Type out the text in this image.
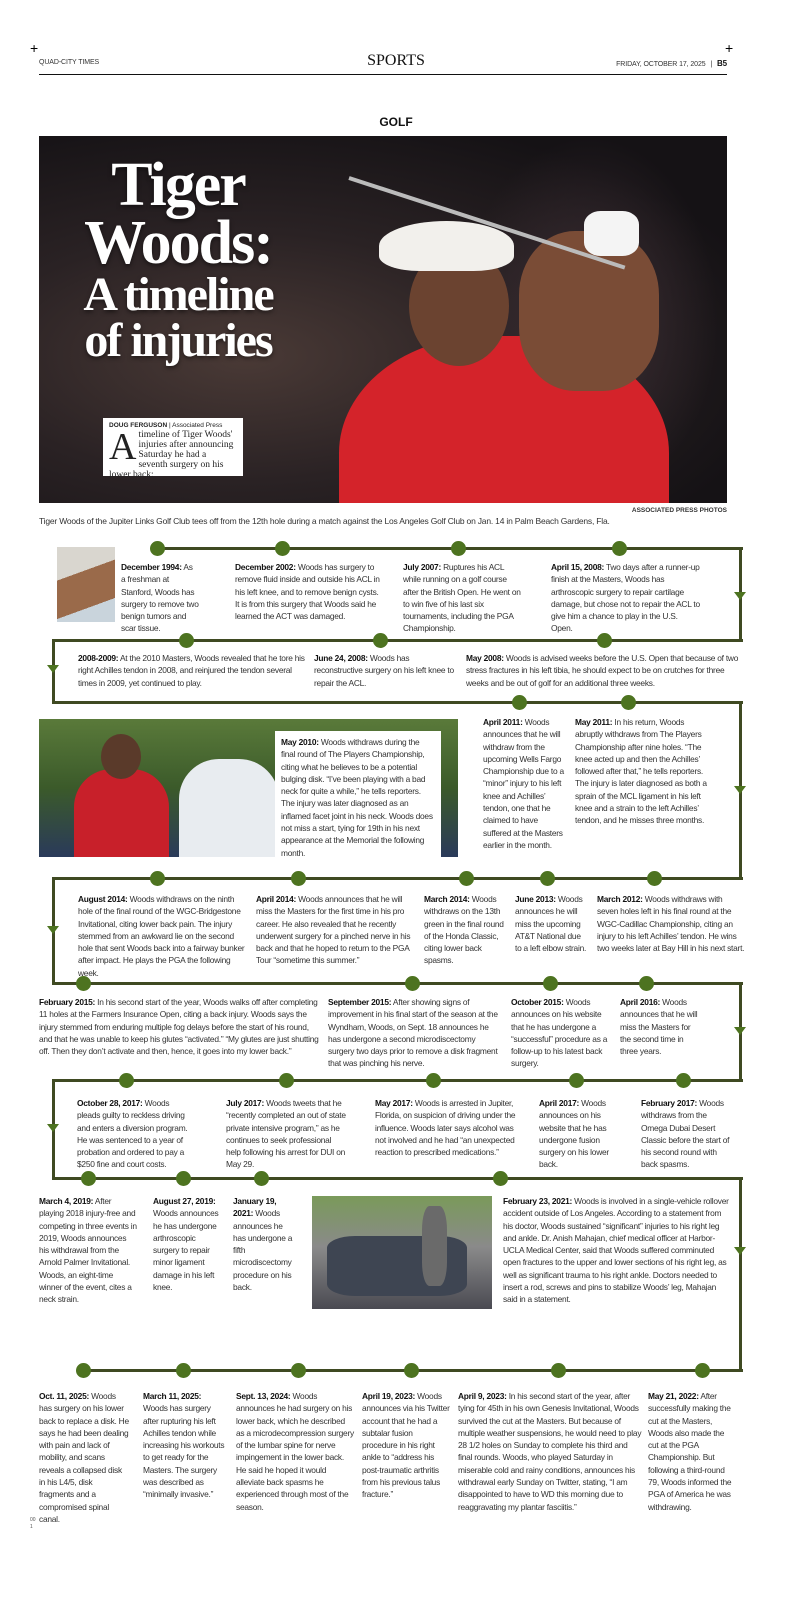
+	+
QUAD-CITY TIMES	SPORTS	FRIDAY, OCTOBER 17, 2025 | B5
GOLF
Tiger
Woods:
A timeline
of injuries
DOUG FERGUSON | Associated Press
A timeline of Tiger Woods' injuries after announcing Saturday he had a seventh surgery on his lower back:
ASSOCIATED PRESS PHOTOS
Tiger Woods of the Jupiter Links Golf Club tees off from the 12th hole during a match against the Los Angeles Golf Club on Jan. 14 in Palm Beach Gardens, Fla.
00
1
December 1994: As a freshman at Stanford, Woods has surgery to remove two benign tumors and scar tissue.
December 2002: Woods has surgery to remove fluid inside and outside his ACL in his left knee, and to remove benign cysts. It is from this surgery that Woods said he learned the ACT was damaged.
July 2007: Ruptures his ACL while running on a golf course after the British Open. He went on to win five of his last six tournaments, including the PGA Championship.
April 15, 2008: Two days after a runner-up finish at the Masters, Woods has arthroscopic surgery to repair cartilage damage, but chose not to repair the ACL to give him a chance to play in the U.S. Open.
2008-2009: At the 2010 Masters, Woods revealed that he tore his right Achilles tendon in 2008, and reinjured the tendon several times in 2009, yet continued to play.
June 24, 2008: Woods has reconstructive surgery on his left knee to repair the ACL.
May 2008: Woods is advised weeks before the U.S. Open that because of two stress fractures in his left tibia, he should expect to be on crutches for three weeks and be out of golf for an additional three weeks.
April 2011: Woods announces that he will withdraw from the upcoming Wells Fargo Championship due to a “minor” injury to his left knee and Achilles’ tendon, one that he claimed to have suffered at the Masters earlier in the month.
May 2011: In his return, Woods abruptly withdraws from The Players Championship after nine holes. “The knee acted up and then the Achilles’ followed after that,” he tells reporters. The injury is later diagnosed as both a sprain of the MCL ligament in his left knee and a strain to the left Achilles’ tendon, and he misses three months.
August 2014: Woods withdraws on the ninth hole of the final round of the WGC-Bridgestone Invitational, citing lower back pain. The injury stemmed from an awkward lie on the second hole that sent Woods back into a fairway bunker after impact. He plays the PGA the following week.
April 2014: Woods announces that he will miss the Masters for the first time in his pro career. He also revealed that he recently underwent surgery for a pinched nerve in his back and that he hoped to return to the PGA Tour “sometime this summer.”
March 2014: Woods withdraws on the 13th green in the final round of the Honda Classic, citing lower back spasms.
June 2013: Woods announces he will miss the upcoming AT&T National due to a left elbow strain.
March 2012: Woods withdraws with seven holes left in his final round at the WGC-Cadillac Championship, citing an injury to his left Achilles’ tendon. He wins two weeks later at Bay Hill in his next start.
February 2015: In his second start of the year, Woods walks off after completing 11 holes at the Farmers Insurance Open, citing a back injury. Woods says the injury stemmed from enduring multiple fog delays before the start of his round, and that he was unable to keep his glutes “activated.” “My glutes are just shutting off. Then they don’t activate and then, hence, it goes into my lower back.”
September 2015: After showing signs of improvement in his final start of the season at the Wyndham, Woods, on Sept. 18 announces he has undergone a second microdiscectomy surgery two days prior to remove a disk fragment that was pinching his nerve.
October 2015: Woods announces on his website that he has undergone a “successful” procedure as a follow-up to his latest back surgery.
April 2016: Woods announces that he will miss the Masters for the second time in three years.
October 28, 2017: Woods pleads guilty to reckless driving and enters a diversion program. He was sentenced to a year of probation and ordered to pay a $250 fine and court costs.
July 2017: Woods tweets that he “recently completed an out of state private intensive program,” as he continues to seek professional help following his arrest for DUI on May 29.
May 2017: Woods is arrested in Jupiter, Florida, on suspicion of driving under the influence. Woods later says alcohol was not involved and he had “an unexpected reaction to prescribed medications.”
April 2017: Woods announces on his website that he has undergone fusion surgery on his lower back.
February 2017: Woods withdraws from the Omega Dubai Desert Classic before the start of his second round with back spasms.
March 4, 2019: After playing 2018 injury-free and competing in three events in 2019, Woods announces his withdrawal from the Arnold Palmer Invitational. Woods, an eight-time winner of the event, cites a neck strain.
August 27, 2019: Woods announces he has undergone arthroscopic surgery to repair minor ligament damage in his left knee.
January 19, 2021: Woods announces he has undergone a fifth microdiscectomy procedure on his back.
February 23, 2021: Woods is involved in a single-vehicle rollover accident outside of Los Angeles. According to a statement from his doctor, Woods sustained “significant” injuries to his right leg and ankle. Dr. Anish Mahajan, chief medical officer at Harbor-UCLA Medical Center, said that Woods suffered comminuted open fractures to the upper and lower sections of his right leg, as well as significant trauma to his right ankle. Doctors needed to insert a rod, screws and pins to stabilize Woods’ leg, Mahajan said in a statement.
Oct. 11, 2025: Woods has surgery on his lower back to replace a disk. He says he had been dealing with pain and lack of mobility, and scans reveals a collapsed disk in his L4/5, disk fragments and a compromised spinal canal.
March 11, 2025: Woods has surgery after rupturing his left Achilles tendon while increasing his workouts to get ready for the Masters. The surgery was described as “minimally invasive.”
Sept. 13, 2024: Woods announces he had surgery on his lower back, which he described as a microdecompression surgery of the lumbar spine for nerve impingement in the lower back. He said he hoped it would alleviate back spasms he experienced through most of the season.
April 19, 2023: Woods announces via his Twitter account that he had a subtalar fusion procedure in his right ankle to “address his post-traumatic arthritis from his previous talus fracture.”
April 9, 2023: In his second start of the year, after tying for 45th in his own Genesis Invitational, Woods survived the cut at the Masters. But because of multiple weather suspensions, he would need to play 28 1/2 holes on Sunday to complete his third and final rounds. Woods, who played Saturday in miserable cold and rainy conditions, announces his withdrawal early Sunday on Twitter, stating, “I am disappointed to have to WD this morning due to reaggravating my plantar fasciitis.”
May 21, 2022: After successfully making the cut at the Masters, Woods also made the cut at the PGA Championship. But following a third-round 79, Woods informed the PGA of America he was withdrawing.
May 2010: Woods withdraws during the final round of The Players Championship, citing what he believes to be a potential bulging disk. “I’ve been playing with a bad neck for quite a while,” he tells reporters. The injury was later diagnosed as an inflamed facet joint in his neck. Woods does not miss a start, tying for 19th in his next appearance at the Memorial the following month.
